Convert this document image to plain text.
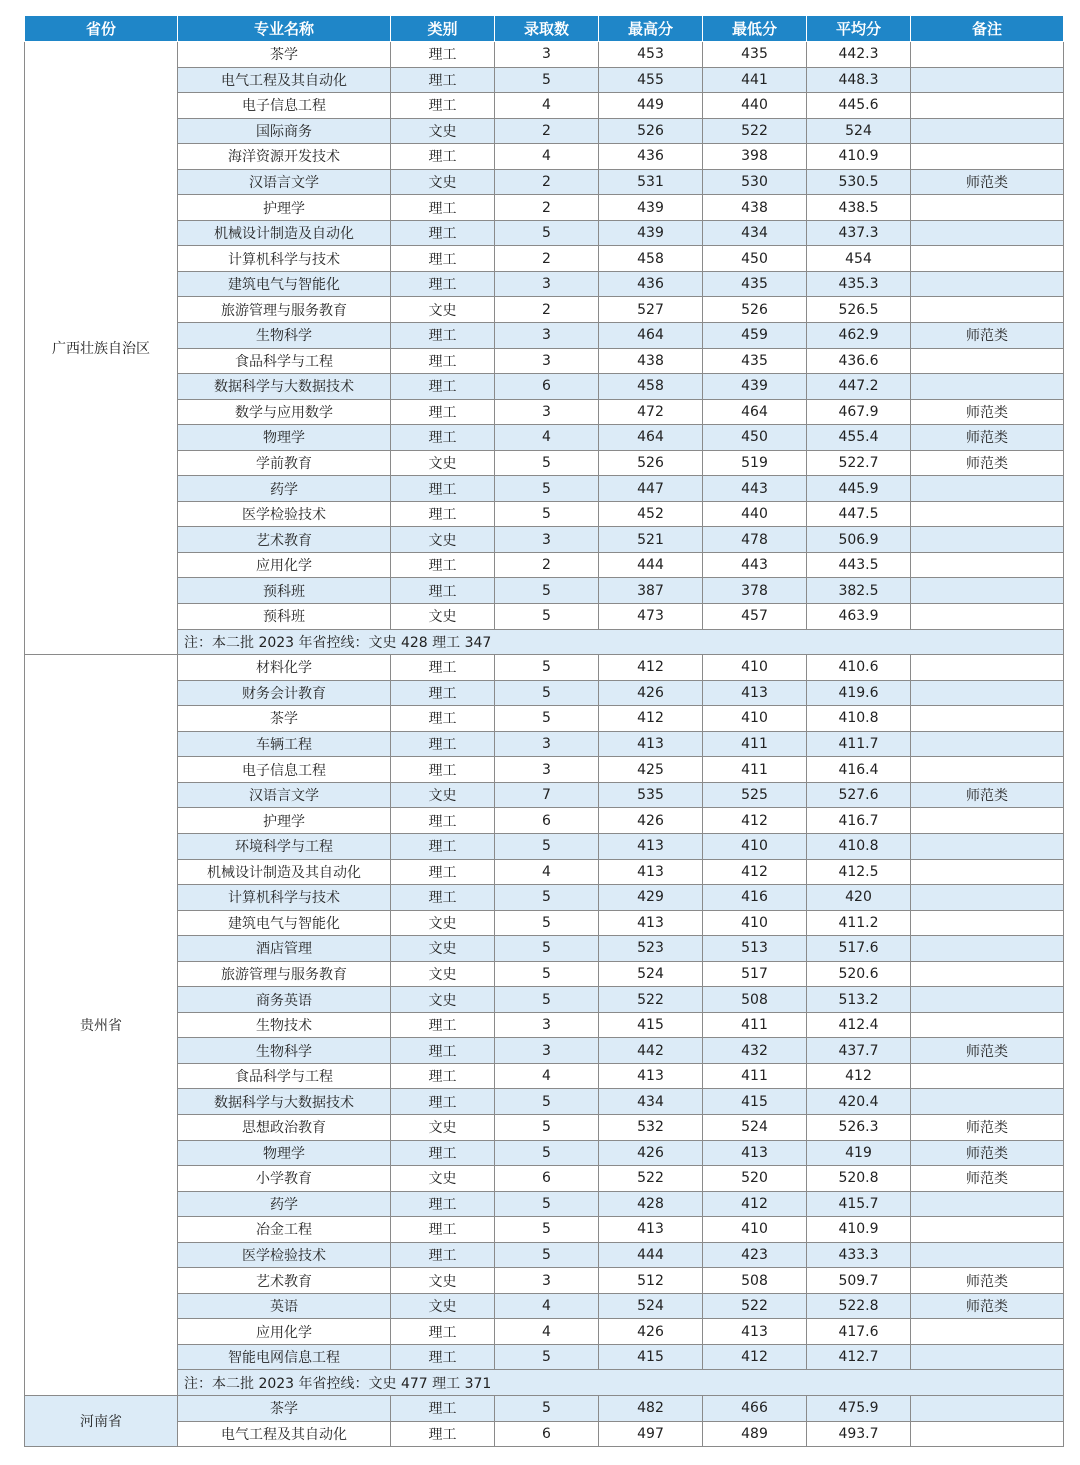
省份	专业名称	类别	录取数	最高分	最低分	平均分	备注
广西壮族自治区	茶学	理工	3	453	435	442.3	
	电气工程及其自动化	理工	5	455	441	448.3	
	电子信息工程	理工	4	449	440	445.6	
	国际商务	文史	2	526	522	524	
	海洋资源开发技术	理工	4	436	398	410.9	
	汉语言文学	文史	2	531	530	530.5	师范类
	护理学	理工	2	439	438	438.5	
	机械设计制造及自动化	理工	5	439	434	437.3	
	计算机科学与技术	理工	2	458	450	454	
	建筑电气与智能化	理工	3	436	435	435.3	
	旅游管理与服务教育	文史	2	527	526	526.5	
	生物科学	理工	3	464	459	462.9	师范类
	食品科学与工程	理工	3	438	435	436.6	
	数据科学与大数据技术	理工	6	458	439	447.2	
	数学与应用数学	理工	3	472	464	467.9	师范类
	物理学	理工	4	464	450	455.4	师范类
	学前教育	文史	5	526	519	522.7	师范类
	药学	理工	5	447	443	445.9	
	医学检验技术	理工	5	452	440	447.5	
	艺术教育	文史	3	521	478	506.9	
	应用化学	理工	2	444	443	443.5	
	预科班	理工	5	387	378	382.5	
	预科班	文史	5	473	457	463.9	
	注：本二批 2023 年省控线：文史 428 理工 347						
贵州省	材料化学	理工	5	412	410	410.6	
	财务会计教育	理工	5	426	413	419.6	
	茶学	理工	5	412	410	410.8	
	车辆工程	理工	3	413	411	411.7	
	电子信息工程	理工	3	425	411	416.4	
	汉语言文学	文史	7	535	525	527.6	师范类
	护理学	理工	6	426	412	416.7	
	环境科学与工程	理工	5	413	410	410.8	
	机械设计制造及其自动化	理工	4	413	412	412.5	
	计算机科学与技术	理工	5	429	416	420	
	建筑电气与智能化	文史	5	413	410	411.2	
	酒店管理	文史	5	523	513	517.6	
	旅游管理与服务教育	文史	5	524	517	520.6	
	商务英语	文史	5	522	508	513.2	
	生物技术	理工	3	415	411	412.4	
	生物科学	理工	3	442	432	437.7	师范类
	食品科学与工程	理工	4	413	411	412	
	数据科学与大数据技术	理工	5	434	415	420.4	
	思想政治教育	文史	5	532	524	526.3	师范类
	物理学	理工	5	426	413	419	师范类
	小学教育	文史	6	522	520	520.8	师范类
	药学	理工	5	428	412	415.7	
	冶金工程	理工	5	413	410	410.9	
	医学检验技术	理工	5	444	423	433.3	
	艺术教育	文史	3	512	508	509.7	师范类
	英语	文史	4	524	522	522.8	师范类
	应用化学	理工	4	426	413	417.6	
	智能电网信息工程	理工	5	415	412	412.7	
	注：本二批 2023 年省控线：文史 477 理工 371						
河南省	茶学	理工	5	482	466	475.9	
	电气工程及其自动化	理工	6	497	489	493.7	
